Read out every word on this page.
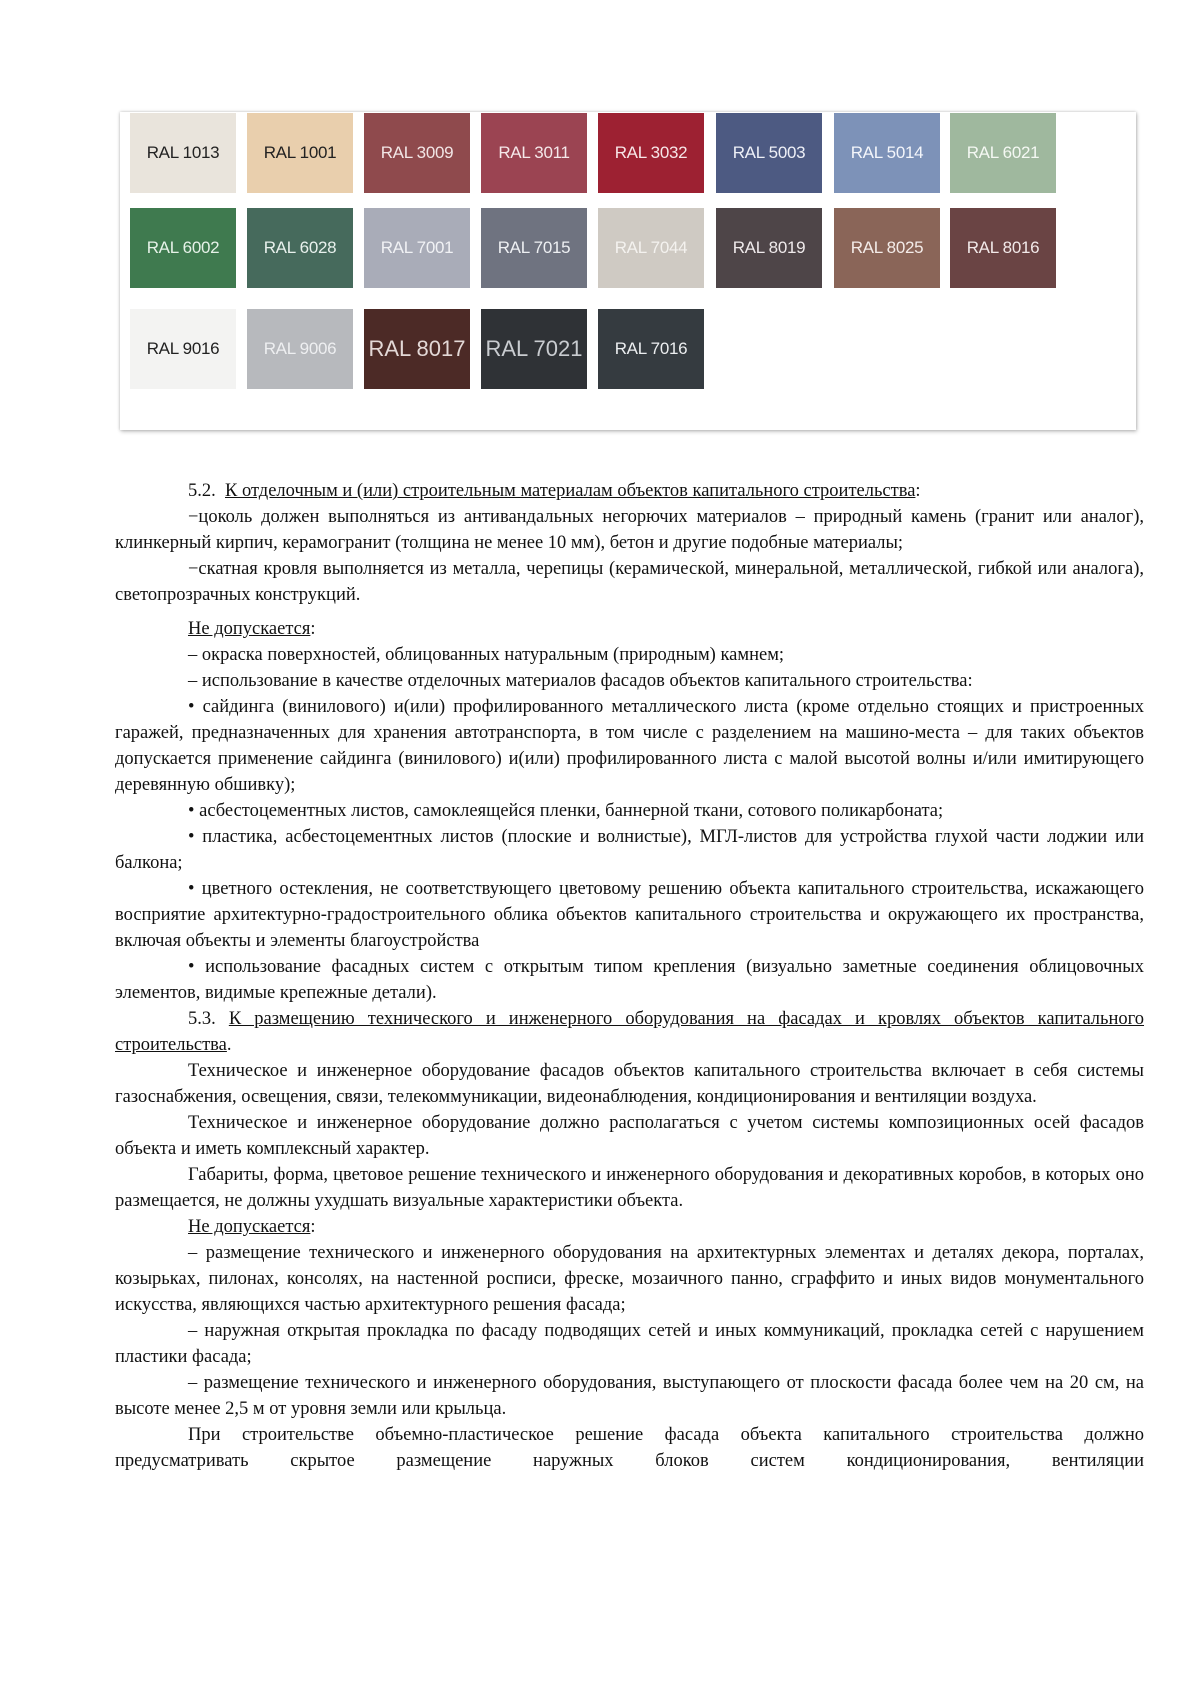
RAL 1013	RAL 1001	RAL 3009	RAL 3011	RAL 3032	RAL 5003	RAL 5014	RAL 6021
RAL 6002	RAL 6028	RAL 7001	RAL 7015	RAL 7044	RAL 8019	RAL 8025	RAL 8016
RAL 9016	RAL 9006	RAL 8017 RAL 7021	RAL 7016

5.2. К отделочным и (или) строительным материалам объектов капитального строительства:

−цоколь должен выполняться из антивандальных негорючих материалов – природный камень (гранит или аналог), клинкерный кирпич, керамогранит (толщина не менее 10 мм), бетон и другие подобные материалы;

−скатная кровля выполняется из металла, черепицы (керамической, минеральной, металлической, гибкой или аналога), светопрозрачных конструкций.

Не допускается:

– окраска поверхностей, облицованных натуральным (природным) камнем;

– использование в качестве отделочных материалов фасадов объектов капитального строительства:

• сайдинга (винилового) и(или) профилированного металлического листа (кроме отдельно стоящих и пристроенных гаражей, предназначенных для хранения автотранспорта, в том числе с разделением на машино-места – для таких объектов допускается применение сайдинга (винилового) и(или) профилированного листа с малой высотой волны и/или имитирующего деревянную обшивку);

• асбестоцементных листов, самоклеящейся пленки, баннерной ткани, сотового поликарбоната;

• пластика, асбестоцементных листов (плоские и волнистые), МГЛ-листов для устройства глухой части лоджии или балкона;

• цветного остекления, не соответствующего цветовому решению объекта капитального строительства, искажающего восприятие архитектурно-градостроительного облика объектов капитального строительства и окружающего их пространства, включая объекты и элементы благоустройства

• использование фасадных систем с открытым типом крепления (визуально заметные соединения облицовочных элементов, видимые крепежные детали).

5.3. К размещению технического и инженерного оборудования на фасадах и кровлях объектов капитального строительства.

Техническое и инженерное оборудование фасадов объектов капитального строительства включает в себя системы газоснабжения, освещения, связи, телекоммуникации, видеонаблюдения, кондиционирования и вентиляции воздуха.

Техническое и инженерное оборудование должно располагаться с учетом системы композиционных осей фасадов объекта и иметь комплексный характер.

Габариты, форма, цветовое решение технического и инженерного оборудования и декоративных коробов, в которых оно размещается, не должны ухудшать визуальные характеристики объекта.

Не допускается:

– размещение технического и инженерного оборудования на архитектурных элементах и деталях декора, порталах, козырьках, пилонах, консолях, на настенной росписи, фреске, мозаичного панно, сграффито и иных видов монументального искусства, являющихся частью архитектурного решения фасада;

– наружная открытая прокладка по фасаду подводящих сетей и иных коммуникаций, прокладка сетей с нарушением пластики фасада;

– размещение технического и инженерного оборудования, выступающего от плоскости фасада более чем на 20 см, на высоте менее 2,5 м от уровня земли или крыльца.

При строительстве объемно-пластическое решение фасада объекта капитального строительства должно предусматривать скрытое размещение наружных блоков систем кондиционирования, вентиляции
